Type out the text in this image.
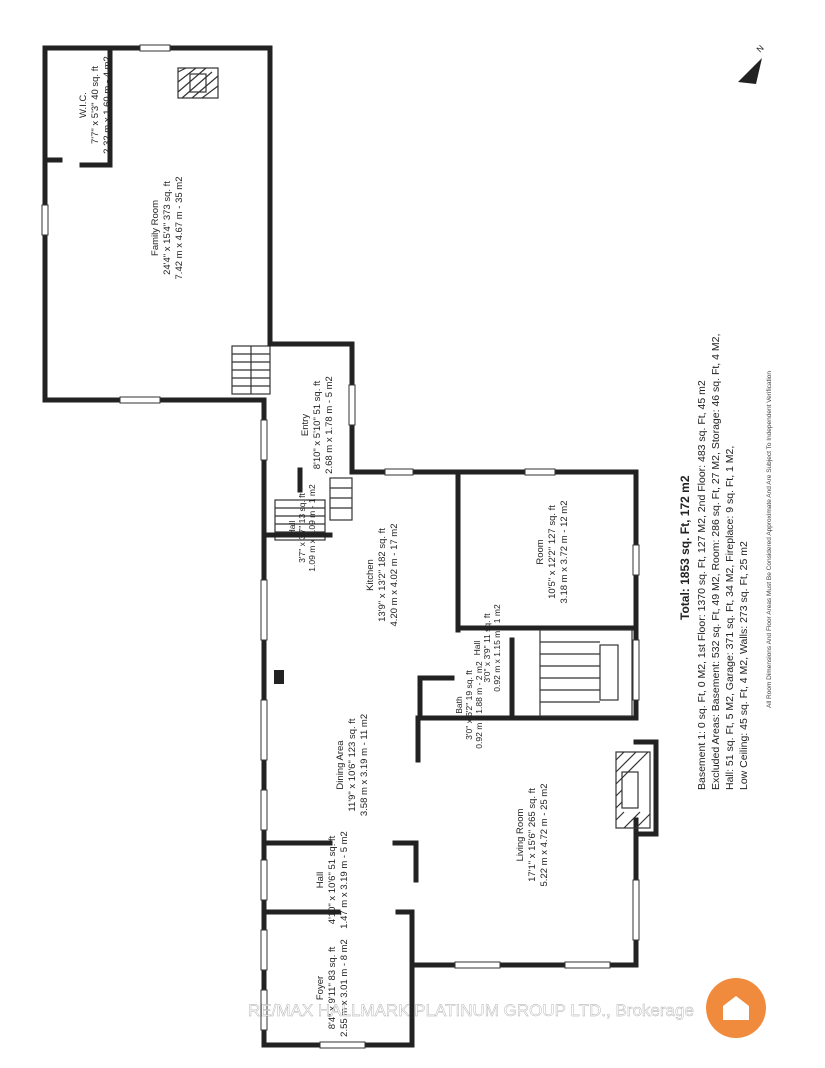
W.I.C. 7'7" x 5'3" 40 sq. ft 2.32 m x 1.60 m - 4 m2
Family Room 24'4" x 15'4" 373 sq. ft 7.42 m x 4.67 m - 35 m2
Entry 8'10" x 5'10" 51 sq. ft 2.68 m x 1.78 m - 5 m2
Hall 3'7" x 3'7" 13 sq. ft 1.09 m x 1.09 m - 1 m2
Kitchen 13'9" x 13'2" 182 sq. ft 4.20 m x 4.02 m - 17 m2	Room 10'5" x 12'2" 127 sq. ft 3.18 m x 3.72 m - 12 m2
Hall 3'0" x 3'9" 11 sq. ft 0.92 m x 1.15 m - 1 m2
Bath 3'0" x 6'2" 19 sq. ft 0.92 m x 1.88 m - 2 m2
Dining Area 11'9" x 10'6" 123 sq. ft 3.58 m x 3.19 m - 11 m2
Hall 4'10" x 10'6" 51 sq. ft 1.47 m x 3.19 m - 5 m2	Living Room 17'1" x 15'6" 265 sq. ft 5.22 m x 4.72 m - 25 m2
Foyer 8'4" x 9'11" 83 sq. ft 2.55 m x 3.01 m - 8 m2
Total: 1853 sq. Ft, 172 m2 Basement 1: 0 sq. Ft, 0 M2, 1st Floor: 1370 sq. Ft, 127 M2, 2nd Floor: 483 sq. Ft, 45 m2 Excluded Areas: Basement: 532 sq. Ft, 49 M2, Room: 286 sq. Ft, 27 M2, Storage: 46 sq. Ft, 4 M2, Hall: 51 sq. Ft, 5 M2, Garage: 371 sq. Ft, 34 M2, Fireplace: 9 sq. Ft, 1 M2, Low Ceiling: 45 sq. Ft, 4 M2, Walls: 273 sq. Ft, 25 m2 All Room Dimensions And Floor Areas Must Be Considered Approximate And Are Subject To Independent Verification
N
RE/MAX HALLMARK PLATINUM GROUP LTD., Brokerage
